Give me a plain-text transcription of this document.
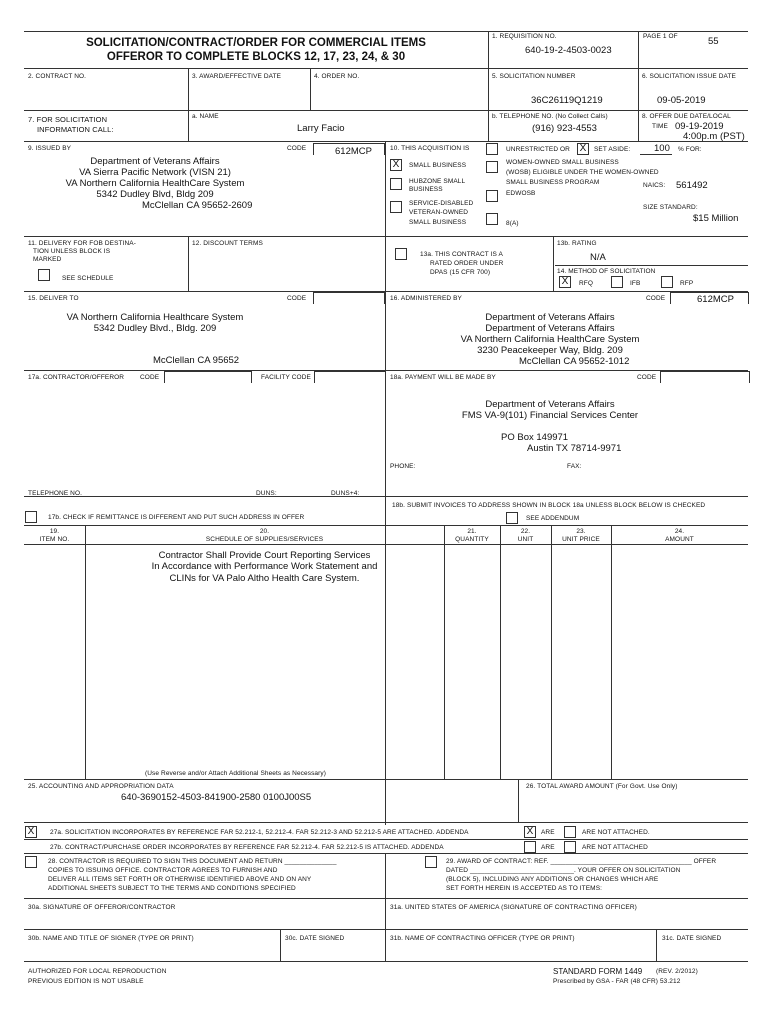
SOLICITATION/CONTRACT/ORDER FOR COMMERCIAL ITEMS
OFFEROR TO COMPLETE BLOCKS 12, 17, 23, 24, & 30
1. REQUISITION NO.
640-19-2-4503-0023
PAGE 1 OF	55
2. CONTRACT NO.	3. AWARD/EFFECTIVE DATE	4. ORDER NO.	5. SOLICITATION NUMBER
36C26119Q1219
6. SOLICITATION ISSUE DATE
09-05-2019
7. FOR SOLICITATION
INFORMATION CALL:
a. NAME
Larry Facio
b. TELEPHONE NO. (No Collect Calls)
(916) 923-4553
8. OFFER DUE DATE/LOCAL
TIME 09-19-2019
4:00p.m (PST)
9. ISSUED BY	CODE	612MCP
Department of Veterans Affairs
VA Sierra Pacific Network (VISN 21)
VA Northern California HealthCare System
5342 Dudley Blvd, Bldg 209
McClellan CA 95652-2609
10. THIS ACQUISITION IS
X	SMALL BUSINESS
HUBZONE SMALL
BUSINESS
SERVICE-DISABLED
VETERAN-OWNED
SMALL BUSINESS
UNRESTRICTED OR X	SET ASIDE: 100 % FOR:
WOMEN-OWNED SMALL BUSINESS
(WOSB) ELIGIBLE UNDER THE WOMEN-OWNED
SMALL BUSINESS PROGRAM
EDWOSB
8(A)
NAICS: 561492
SIZE STANDARD:
$15 Million
11. DELIVERY FOR FOB DESTINA-
TION UNLESS BLOCK IS
MARKED
SEE SCHEDULE
12. DISCOUNT TERMS
13a. THIS CONTRACT IS A
RATED ORDER UNDER
DPAS (15 CFR 700)
13b. RATING
N/A
14. METHOD OF SOLICITATION
X	RFQ	IFB	RFP
15. DELIVER TO	CODE
VA Northern California Healthcare System
5342 Dudley Blvd., Bldg. 209
McClellan CA 95652
16. ADMINISTERED BY	CODE	612MCP
Department of Veterans Affairs
Department of Veterans Affairs
VA Northern California HealthCare System
3230 Peacekeeper Way, Bldg. 209
McClellan CA 95652-1012
17a. CONTRACTOR/OFFEROR CODE	FACILITY CODE
TELEPHONE NO.	DUNS:	DUNS+4:
17b. CHECK IF REMITTANCE IS DIFFERENT AND PUT SUCH ADDRESS IN OFFER
18a. PAYMENT WILL BE MADE BY	CODE
Department of Veterans Affairs
FMS VA-9(101) Financial Services Center
PO Box 149971
Austin TX 78714-9971
PHONE:	FAX:
18b. SUBMIT INVOICES TO ADDRESS SHOWN IN BLOCK 18a UNLESS BLOCK BELOW IS CHECKED
SEE ADDENDUM
19.
ITEM NO.
20.
SCHEDULE OF SUPPLIES/SERVICES
21.
QUANTITY
22.
UNIT
23.
UNIT PRICE
24.
AMOUNT
Contractor Shall Provide Court Reporting Services
In Accordance with Performance Work Statement and
CLINs for VA Palo Altho Health Care System.
(Use Reverse and/or Attach Additional Sheets as Necessary)
25. ACCOUNTING AND APPROPRIATION DATA
640-3690152-4503-841900-2580 0100J00S5
26. TOTAL AWARD AMOUNT (For Govt. Use Only)
X	27a. SOLICITATION INCORPORATES BY REFERENCE FAR 52.212-1, 52.212-4. FAR 52.212-3 AND 52.212-5 ARE ATTACHED. ADDENDA
27b. CONTRACT/PURCHASE ORDER INCORPORATES BY REFERENCE FAR 52.212-4. FAR 52.212-5 IS ATTACHED. ADDENDA
X	ARE	ARE NOT ATTACHED.
ARE	ARE NOT ATTACHED
28. CONTRACTOR IS REQUIRED TO SIGN THIS DOCUMENT AND RETURN ______________
COPIES TO ISSUING OFFICE. CONTRACTOR AGREES TO FURNISH AND
DELIVER ALL ITEMS SET FORTH OR OTHERWISE IDENTIFIED ABOVE AND ON ANY
ADDITIONAL SHEETS SUBJECT TO THE TERMS AND CONDITIONS SPECIFIED
29. AWARD OF CONTRACT: REF. ______________________________________ OFFER
DATED ____________________________. YOUR OFFER ON SOLICITATION
(BLOCK 5), INCLUDING ANY ADDITIONS OR CHANGES WHICH ARE
SET FORTH HEREIN IS ACCEPTED AS TO ITEMS:
30a. SIGNATURE OF OFFEROR/CONTRACTOR	31a. UNITED STATES OF AMERICA (SIGNATURE OF CONTRACTING OFFICER)
30b. NAME AND TITLE OF SIGNER (TYPE OR PRINT)	30c. DATE SIGNED	31b. NAME OF CONTRACTING OFFICER (TYPE OR PRINT)	31c. DATE SIGNED
AUTHORIZED FOR LOCAL REPRODUCTION
PREVIOUS EDITION IS NOT USABLE
STANDARD FORM 1449 (REV. 2/2012)
Prescribed by GSA - FAR (48 CFR) 53.212
